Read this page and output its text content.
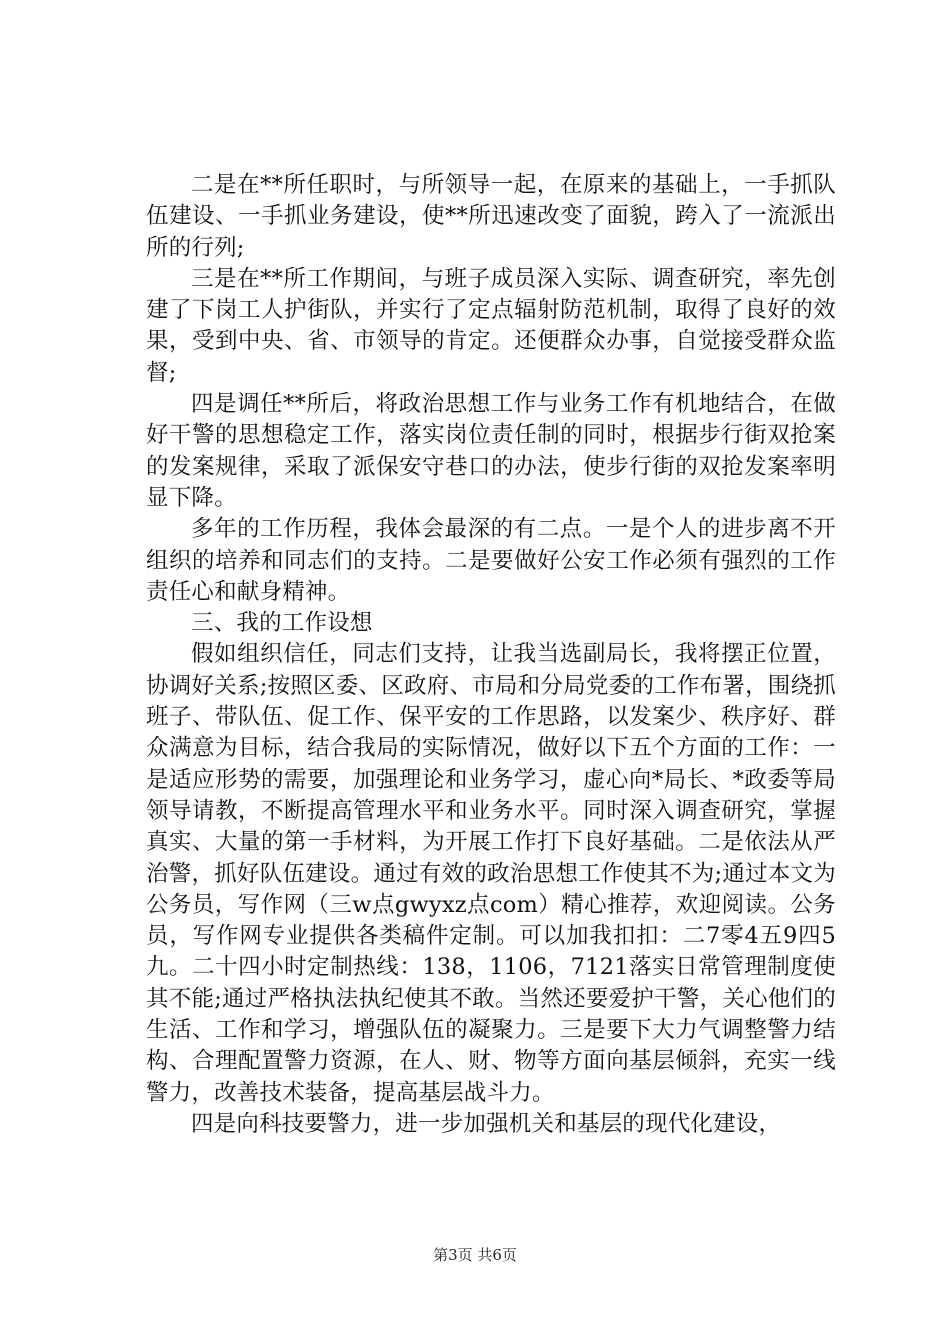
二是在**所任职时，与所领导一起，在原来的基础上，一手抓队伍建设、一手抓业务建设，使**所迅速改变了面貌，跨入了一流派出所的行列;

三是在**所工作期间，与班子成员深入实际、调查研究，率先创建了下岗工人护街队，并实行了定点辐射防范机制，取得了良好的效果，受到中央、省、市领导的肯定。还便群众办事，自觉接受群众监督;

四是调任**所后，将政治思想工作与业务工作有机地结合，在做好干警的思想稳定工作，落实岗位责任制的同时，根据步行街双抢案的发案规律，采取了派保安守巷口的办法，使步行街的双抢发案率明显下降。

多年的工作历程，我体会最深的有二点。一是个人的进步离不开组织的培养和同志们的支持。二是要做好公安工作必须有强烈的工作责任心和献身精神。

三、我的工作设想

假如组织信任，同志们支持，让我当选副局长，我将摆正位置，协调好关系;按照区委、区政府、市局和分局党委的工作布署，围绕抓班子、带队伍、促工作、保平安的工作思路，以发案少、秩序好、群众满意为目标，结合我局的实际情况，做好以下五个方面的工作：一是适应形势的需要，加强理论和业务学习，虚心向*局长、*政委等局领导请教，不断提高管理水平和业务水平。同时深入调查研究，掌握真实、大量的第一手材料，为开展工作打下良好基础。二是依法从严治警，抓好队伍建设。通过有效的政治思想工作使其不为;通过本文为公务员，写作网（三w点gwyxz点com）精心推荐，欢迎阅读。公务员，写作网专业提供各类稿件定制。可以加我扣扣：二7零4五9四5九。二十四小时定制热线：138，1106，7121落实日常管理制度使其不能;通过严格执法执纪使其不敢。当然还要爱护干警，关心他们的生活、工作和学习，增强队伍的凝聚力。三是要下大力气调整警力结构、合理配置警力资源，在人、财、物等方面向基层倾斜，充实一线警力，改善技术装备，提高基层战斗力。

四是向科技要警力，进一步加强机关和基层的现代化建设，

第3页 共6页
